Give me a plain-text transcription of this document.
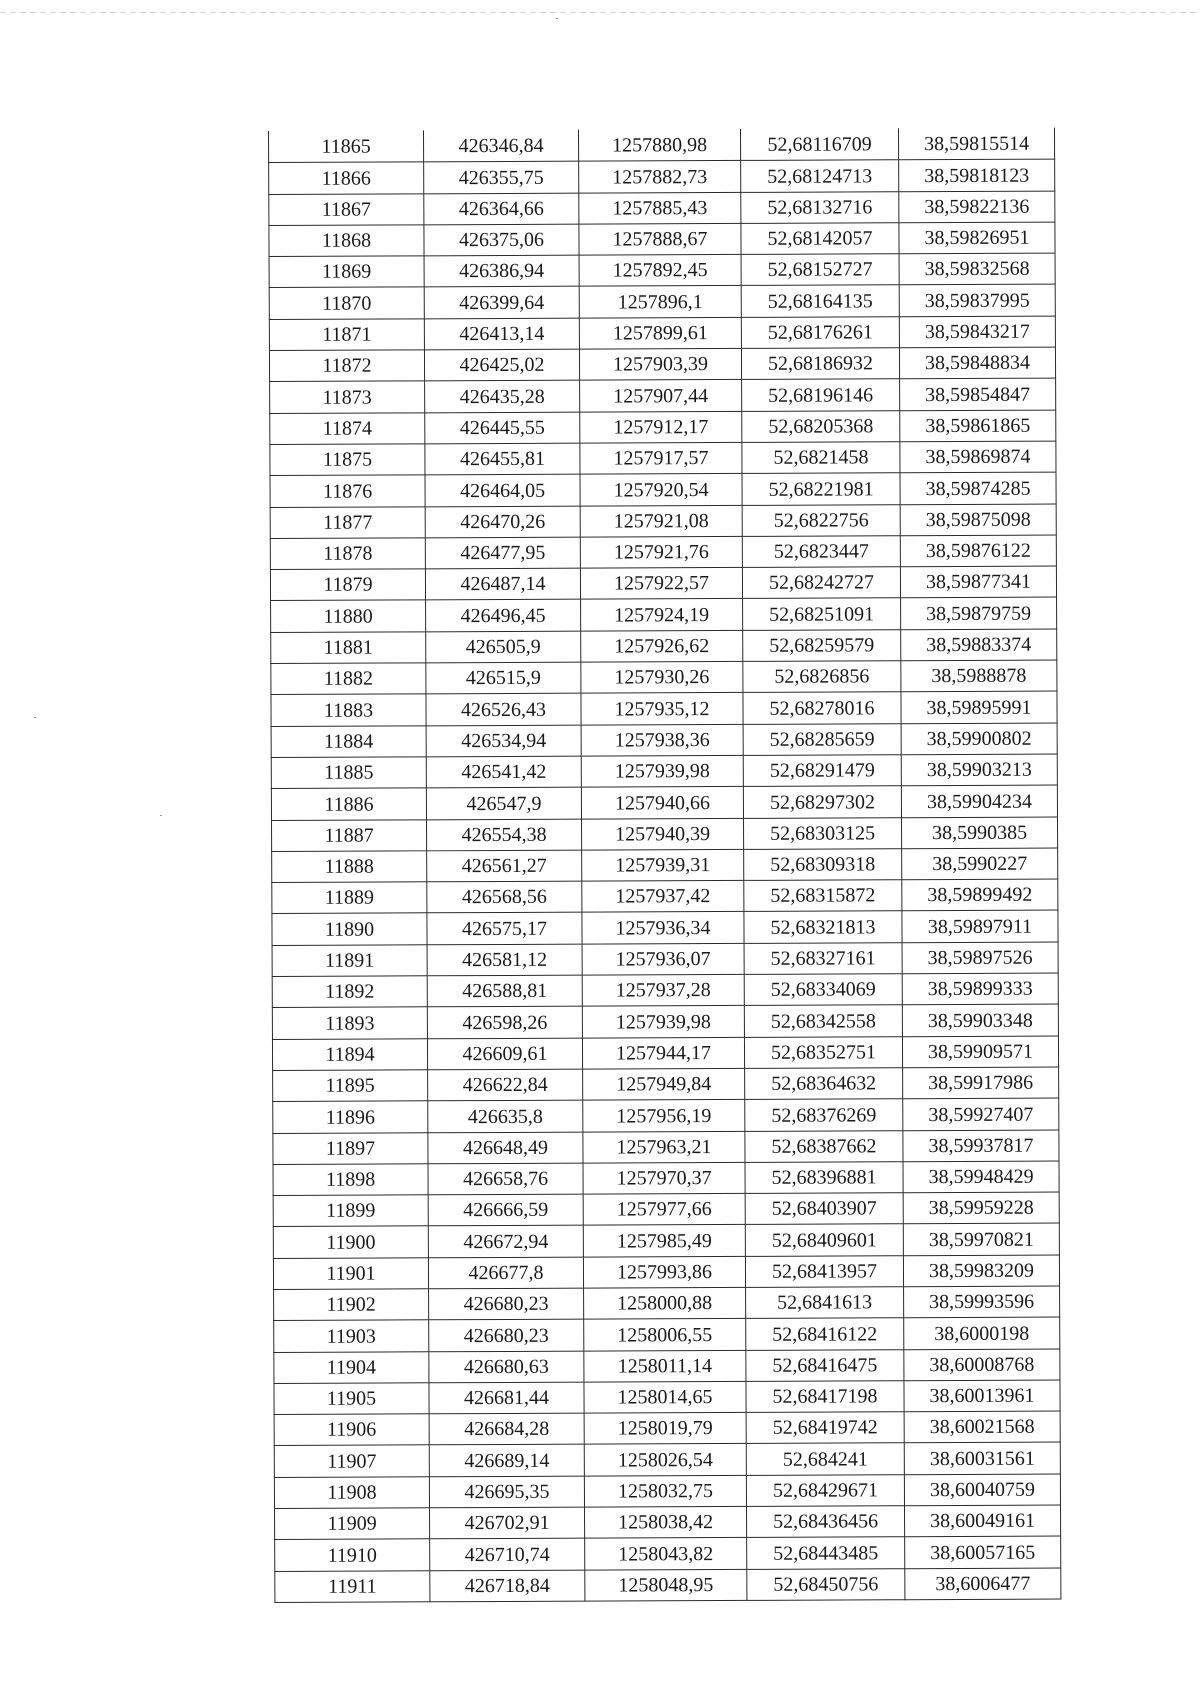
11865	426346,84	1257880,98	52,68116709	38,59815514
11866	426355,75	1257882,73	52,68124713	38,59818123
11867	426364,66	1257885,43	52,68132716	38,59822136
11868	426375,06	1257888,67	52,68142057	38,59826951
11869	426386,94	1257892,45	52,68152727	38,59832568
11870	426399,64	1257896,1	52,68164135	38,59837995
11871	426413,14	1257899,61	52,68176261	38,59843217
11872	426425,02	1257903,39	52,68186932	38,59848834
11873	426435,28	1257907,44	52,68196146	38,59854847
11874	426445,55	1257912,17	52,68205368	38,59861865
11875	426455,81	1257917,57	52,6821458	38,59869874
11876	426464,05	1257920,54	52,68221981	38,59874285
11877	426470,26	1257921,08	52,6822756	38,59875098
11878	426477,95	1257921,76	52,6823447	38,59876122
11879	426487,14	1257922,57	52,68242727	38,59877341
11880	426496,45	1257924,19	52,68251091	38,59879759
11881	426505,9	1257926,62	52,68259579	38,59883374
11882	426515,9	1257930,26	52,6826856	38,5988878
11883	426526,43	1257935,12	52,68278016	38,59895991
11884	426534,94	1257938,36	52,68285659	38,59900802
11885	426541,42	1257939,98	52,68291479	38,59903213
11886	426547,9	1257940,66	52,68297302	38,59904234
11887	426554,38	1257940,39	52,68303125	38,5990385
11888	426561,27	1257939,31	52,68309318	38,5990227
11889	426568,56	1257937,42	52,68315872	38,59899492
11890	426575,17	1257936,34	52,68321813	38,59897911
11891	426581,12	1257936,07	52,68327161	38,59897526
11892	426588,81	1257937,28	52,68334069	38,59899333
11893	426598,26	1257939,98	52,68342558	38,59903348
11894	426609,61	1257944,17	52,68352751	38,59909571
11895	426622,84	1257949,84	52,68364632	38,59917986
11896	426635,8	1257956,19	52,68376269	38,59927407
11897	426648,49	1257963,21	52,68387662	38,59937817
11898	426658,76	1257970,37	52,68396881	38,59948429
11899	426666,59	1257977,66	52,68403907	38,59959228
11900	426672,94	1257985,49	52,68409601	38,59970821
11901	426677,8	1257993,86	52,68413957	38,59983209
11902	426680,23	1258000,88	52,6841613	38,59993596
11903	426680,23	1258006,55	52,68416122	38,6000198
11904	426680,63	1258011,14	52,68416475	38,60008768
11905	426681,44	1258014,65	52,68417198	38,60013961
11906	426684,28	1258019,79	52,68419742	38,60021568
11907	426689,14	1258026,54	52,684241	38,60031561
11908	426695,35	1258032,75	52,68429671	38,60040759
11909	426702,91	1258038,42	52,68436456	38,60049161
11910	426710,74	1258043,82	52,68443485	38,60057165
11911	426718,84	1258048,95	52,68450756	38,6006477
